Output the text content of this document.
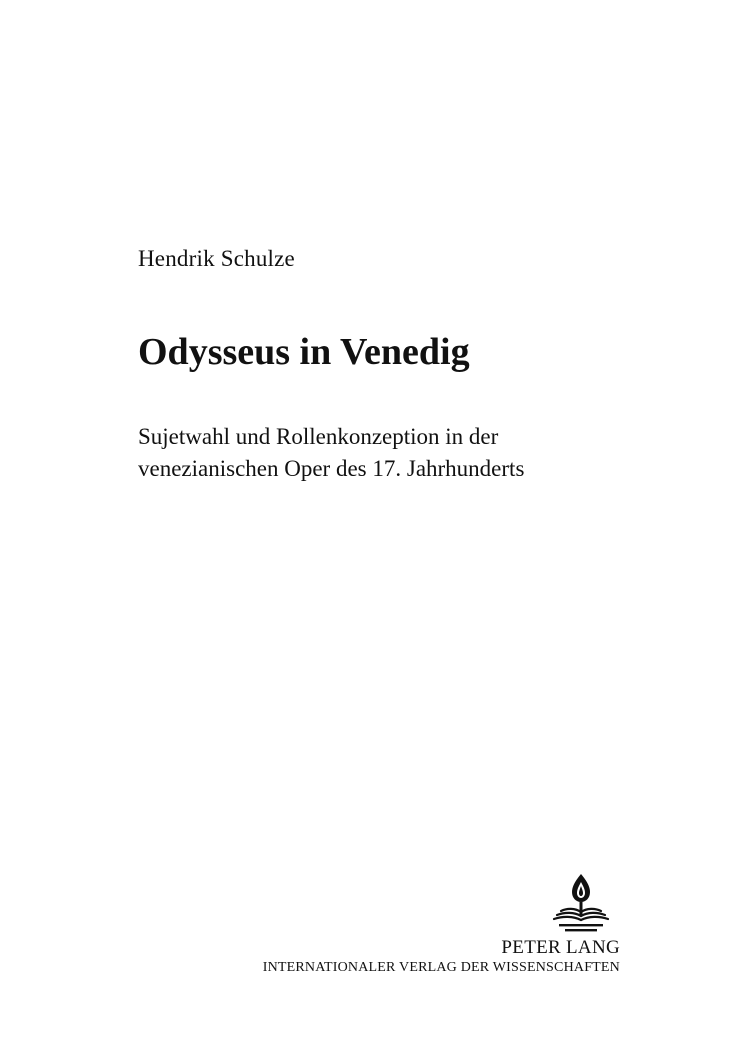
Hendrik Schulze
Odysseus in Venedig
Sujetwahl und Rollenkonzeption in der
venezianischen Oper des 17. Jahrhunderts
PETER LANG
INTERNATIONALER VERLAG DER WISSENSCHAFTEN
